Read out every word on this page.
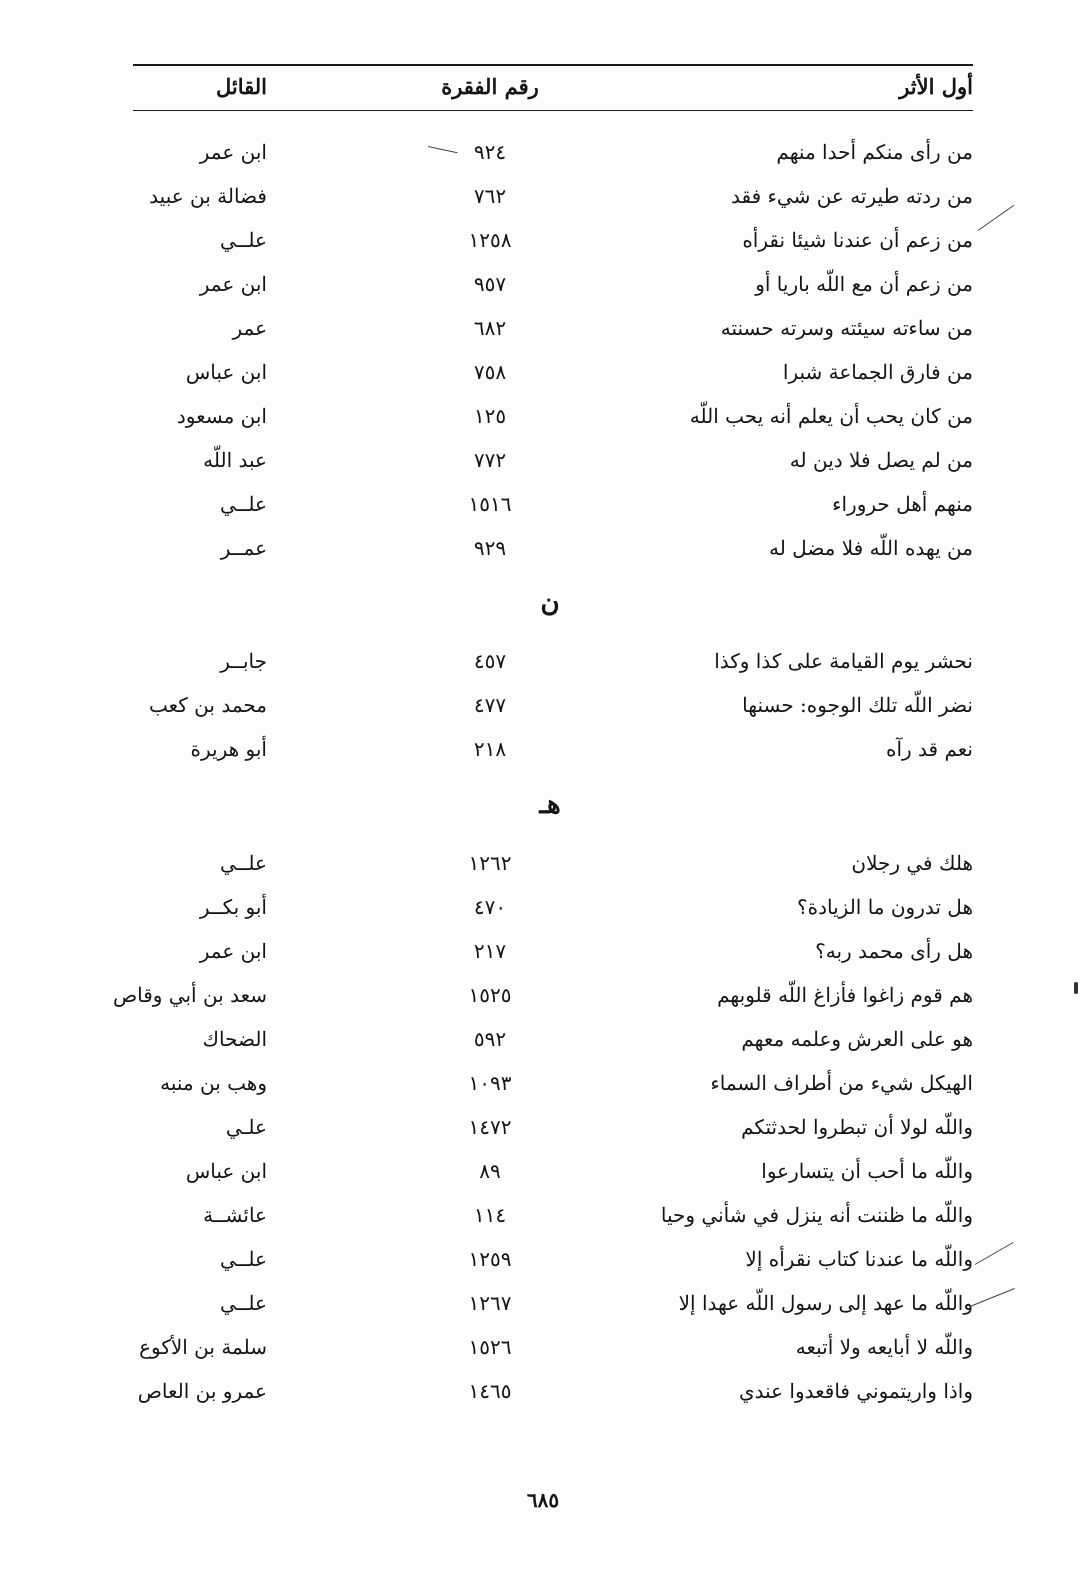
أول الأثر
رقم الفقرة
القائل
من رأى منكم أحدا منهم
٩٢٤
ابن عمر
من ردته طيرته عن شيء فقد
٧٦٢
فضالة بن عبيد
من زعم أن عندنا شيئا نقرأه
١٢٥٨
علــي
من زعم أن مع اللّه باريا أو
٩٥٧
ابن عمر
من ساءته سيئته وسرته حسنته
٦٨٢
عمر
من فارق الجماعة شبرا
٧٥٨
ابن عباس
من كان يحب أن يعلم أنه يحب اللّه
١٢٥
ابن مسعود
من لم يصل فلا دين له
٧٧٢
عبد اللّه
منهم أهل حروراء
١٥١٦
علــي
من يهده اللّه فلا مضل له
٩٢٩
عمــر
ن
نحشر يوم القيامة على كذا وكذا
٤٥٧
جابــر
نضر اللّه تلك الوجوه: حسنها
٤٧٧
محمد بن كعب
نعم قد رآه
٢١٨
أبو هريرة
هـ
هلك في رجلان
١٢٦٢
علــي
هل تدرون ما الزيادة؟
٤٧٠
أبو بكــر
هل رأى محمد ربه؟
٢١٧
ابن عمر
هم قوم زاغوا فأزاغ اللّه قلوبهم
١٥٢٥
سعد بن أبي وقاص
هو على العرش وعلمه معهم
٥٩٢
الضحاك
الهيكل شيء من أطراف السماء
١٠٩٣
وهب بن منبه
واللّه لولا أن تبطروا لحدثتكم
١٤٧٢
علـي
واللّه ما أحب أن يتسارعوا
٨٩
ابن عباس
واللّه ما ظننت أنه ينزل في شأني وحيا
١١٤
عائشــة
واللّه ما عندنا كتاب نقرأه إلا
١٢٥٩
علــي
واللّه ما عهد إلى رسول اللّه عهدا إلا
١٢٦٧
علــي
واللّه لا أبايعه ولا أتبعه
١٥٢٦
سلمة بن الأكوع
واذا واريتموني فاقعدوا عندي
١٤٦٥
عمرو بن العاص
٦٨٥
